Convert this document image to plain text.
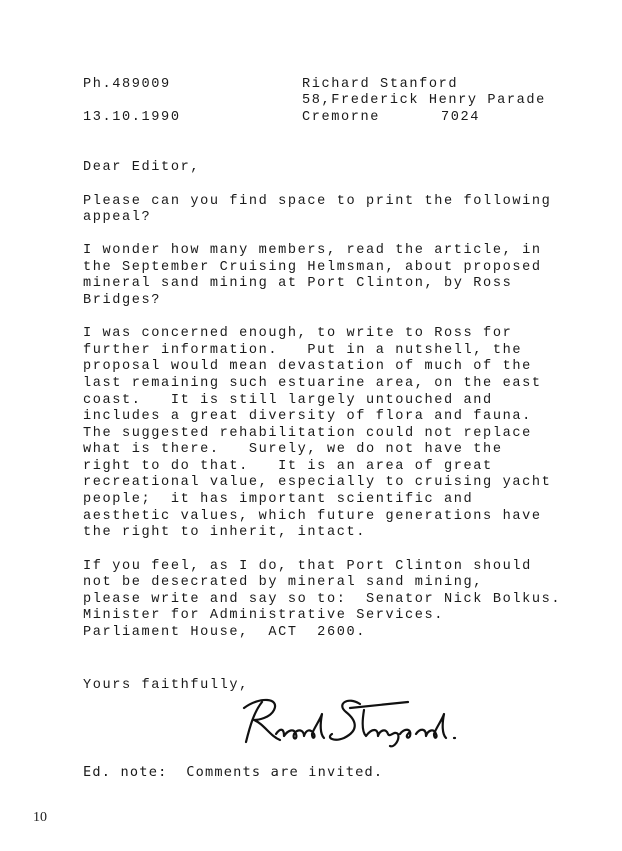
Ph.489009
13.10.1990
Richard Stanford
58,Frederick Henry Parade
Cremorne	7024

Dear Editor,

Please can you find space to print the following

appeal?

I wonder how many members, read the article, in

the September Cruising Helmsman, about proposed

mineral sand mining at Port Clinton, by Ross

Bridges?

I was concerned enough, to write to Ross for

further information.   Put in a nutshell, the

proposal would mean devastation of much of the

last remaining such estuarine area, on the east

coast.   It is still largely untouched and

includes a great diversity of flora and fauna.

The suggested rehabilitation could not replace

what is there.   Surely, we do not have the

right to do that.   It is an area of great

recreational value, especially to cruising yacht

people;  it has important scientific and

aesthetic values, which future generations have

the right to inherit, intact.

If you feel, as I do, that Port Clinton should

not be desecrated by mineral sand mining,

please write and say so to:  Senator Nick Bolkus.

Minister for Administrative Services.

Parliament House,  ACT  2600.

Yours faithfully,

Ed. note:  Comments are invited.
10
